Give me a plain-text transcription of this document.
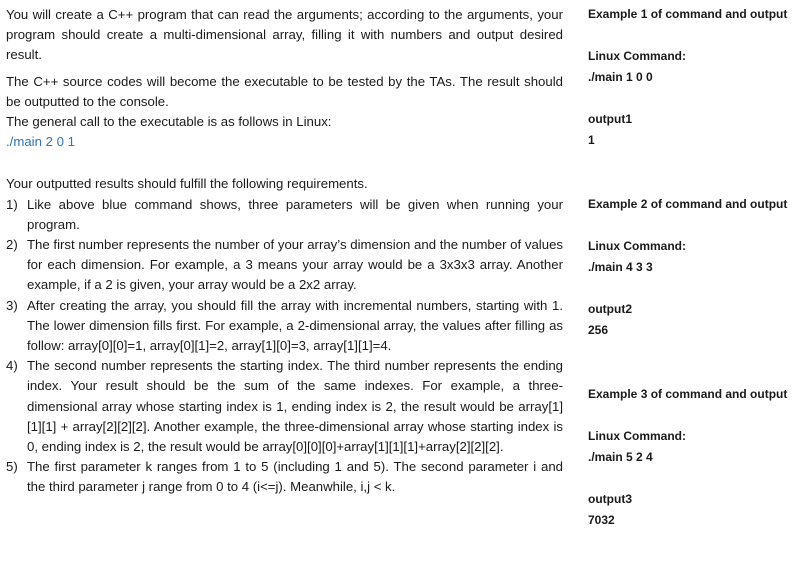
You will create a C++ program that can read the arguments; according to the arguments, your program should create a multi-dimensional array, filling it with numbers and output desired result.

The C++ source codes will become the executable to be tested by the TAs. The result should be outputted to the console.

The general call to the executable is as follows in Linux:

./main 2 0 1

Your outputted results should fulfill the following requirements.

1) Like above blue command shows, three parameters will be given when running your program.
2) The first number represents the number of your array’s dimension and the number of values for each dimension. For example, a 3 means your array would be a 3x3x3 array. Another example, if a 2 is given, your array would be a 2x2 array.
3) After creating the array, you should fill the array with incremental numbers, starting with 1. The lower dimension fills first. For example, a 2-dimensional array, the values after filling as follow: array[0][0]=1, array[0][1]=2, array[1][0]=3, array[1][1]=4.
4) The second number represents the starting index. The third number represents the ending index. Your result should be the sum of the same indexes. For example, a three-dimensional array whose starting index is 1, ending index is 2, the result would be array[1][1][1] + array[2][2][2]. Another example, the three-dimensional array whose starting index is 0, ending index is 2, the result would be array[0][0][0]+array[1][1][1]+array[2][2][2].
5) The first parameter k ranges from 1 to 5 (including 1 and 5). The second parameter i and the third parameter j range from 0 to 4 (i<=j). Meanwhile, i,j < k.
Example 1 of command and output
Linux Command:
./main 1 0 0
output1
1
Example 2 of command and output
Linux Command:
./main 4 3 3
output2
256
Example 3 of command and output
Linux Command:
./main 5 2 4
output3
7032
